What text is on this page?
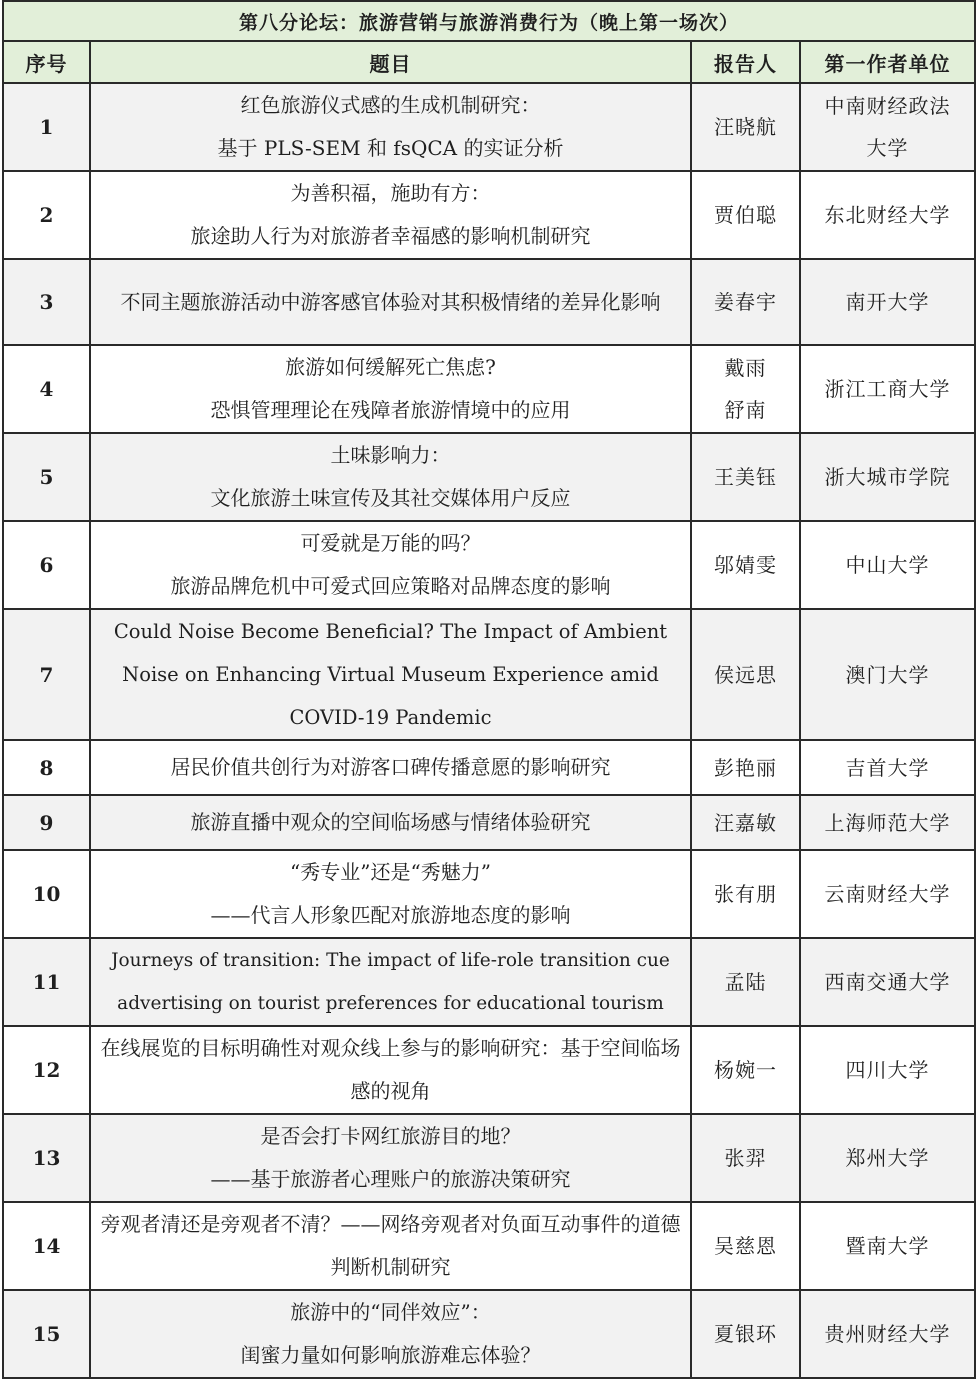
第八分论坛：旅游营销与旅游消费行为（晚上第一场次）			
序号	题目	报告人	第一作者单位
1	红色旅游仪式感的生成机制研究：
基于 PLS-SEM 和 fsQCA 的实证分析	汪晓航	中南财经政法大学

2	为善积福，施助有方：
旅途助人行为对旅游者幸福感的影响机制研究	贾伯聪	东北财经大学
3	不同主题旅游活动中游客感官体验对其积极情绪的差异化影响	姜春宇	南开大学
4	旅游如何缓解死亡焦虑?
恐惧管理理论在残障者旅游情境中的应用	戴雨舒南	浙江工商大学
5	土味影响力：
文化旅游土味宣传及其社交媒体用户反应	王美钰	浙大城市学院
6	可爱就是万能的吗？
旅游品牌危机中可爱式回应策略对品牌态度的影响	邬婧雯	中山大学
7	Could Noise Become Beneficial? The Impact of Ambient
Noise on Enhancing Virtual Museum Experience amid
COVID-19 Pandemic	侯远思	澳门大学
8	居民价值共创行为对游客口碑传播意愿的影响研究	彭艳丽	吉首大学
9	旅游直播中观众的空间临场感与情绪体验研究	汪嘉敏	上海师范大学
10	“秀专业”还是“秀魅力”
——代言人形象匹配对旅游地态度的影响	张有朋	云南财经大学
11	Journeys of transition: The impact of life-role transition cue
advertising on tourist preferences for educational tourism	孟陆	西南交通大学
12	在线展览的目标明确性对观众线上参与的影响研究：基于空间临场感的视角	杨婉一	四川大学
13	是否会打卡网红旅游目的地？
——基于旅游者心理账户的旅游决策研究	张羿	郑州大学
14	旁观者清还是旁观者不清？——网络旁观者对负面互动事件的道德判断机制研究	吴慈恩	暨南大学
15	旅游中的“同伴效应”：
闺蜜力量如何影响旅游难忘体验？	夏银环	贵州财经大学
